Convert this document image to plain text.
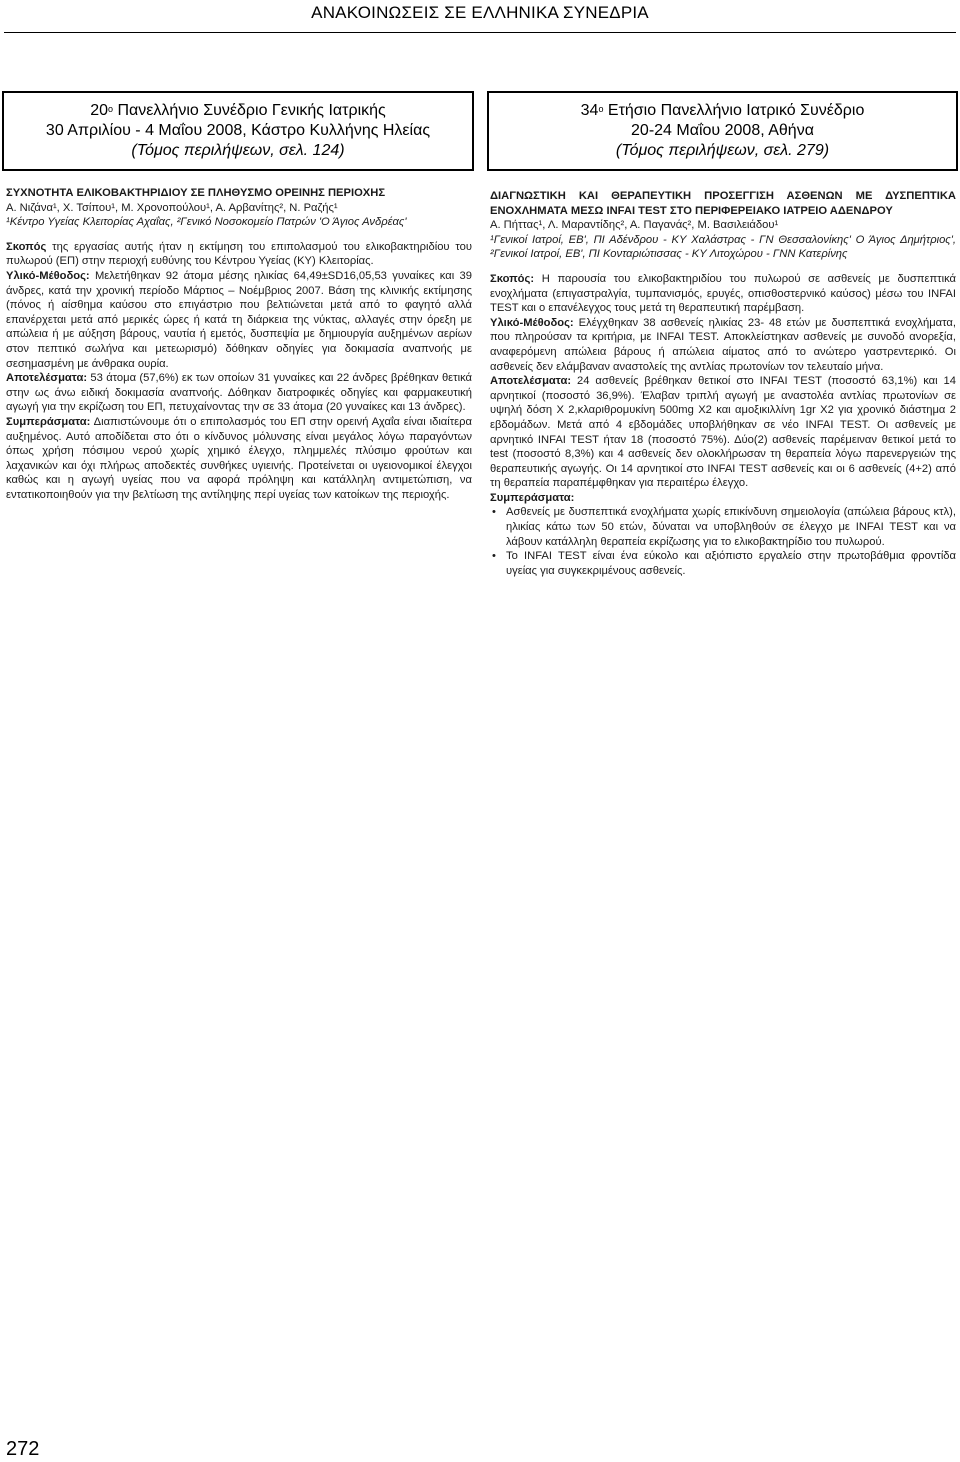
ΑΝΑΚΟΙΝΩΣΕΙΣ ΣΕ ΕΛΛΗΝΙΚΑ ΣΥΝΕΔΡΙΑ
$20^o$ Πανελλήνιο Συνέδριο Γενικής Ιατρικής
30 Απριλίου - 4 Μαΐου 2008, Κάστρο Κυλλήνης Ηλείας
(Τόμος περιλήψεων, σελ. 124)
$34^o$ Ετήσιο Πανελλήνιο Ιατρικό Συνέδριο
20-24 Μαΐου 2008, Αθήνα
(Τόμος περιλήψεων, σελ. 279)

ΣΥΧΝΟΤΗΤΑ ΕΛΙΚΟΒΑΚΤΗΡΙΔΙΟΥ ΣΕ ΠΛΗΘΥΣΜΟ ΟΡΕΙΝΗΣ ΠΕΡΙΟΧΗΣ

Α. Νιζάνα¹, Χ. Τσίπου¹, Μ. Χρονοπούλου¹, Α. Αρβανίτης², Ν. Ραζής¹

¹Κέντρο Υγείας Κλειτορίας Αχαΐας, ²Γενικό Νοσοκομείο Πατρών 'Ο Άγιος Ανδρέας'

Σκοπός της εργασίας αυτής ήταν η εκτίμηση του επιπολασμού του ελικοβακτηριδίου του πυλωρού (ΕΠ) στην περιοχή ευθύνης του Κέντρου Υγείας (ΚΥ) Κλειτορίας.

Υλικό-Μέθοδος: Μελετήθηκαν 92 άτομα μέσης ηλικίας 64,49±SD16,05,53 γυναίκες και 39 άνδρες, κατά την χρονική περίοδο Μάρτιος – Νοέμβριος 2007. Βάση της κλινικής εκτίμησης (πόνος ή αίσθημα καύσου στο επιγάστριο που βελτιώνεται μετά από το φαγητό αλλά επανέρχεται μετά από μερικές ώρες ή κατά τη διάρκεια της νύκτας, αλλαγές στην όρεξη με απώλεια ή με αύξηση βάρους, ναυτία ή εμετός, δυσπεψία με δημιουργία αυξημένων αερίων στον πεπτικό σωλήνα και μετεωρισμό) δόθηκαν οδηγίες για δοκιμασία αναπνοής με σεσημασμένη με άνθρακα ουρία.

Αποτελέσματα: 53 άτομα (57,6%) εκ των οποίων 31 γυναίκες και 22 άνδρες βρέθηκαν θετικά στην ως άνω ειδική δοκιμασία αναπνοής. Δόθηκαν διατροφικές οδηγίες και φαρμακευτική αγωγή για την εκρίζωση του ΕΠ, πετυχαίνοντας την σε 33 άτομα (20 γυναίκες και 13 άνδρες).

Συμπεράσματα: Διαπιστώνουμε ότι ο επιπολασμός του ΕΠ στην ορεινή Αχαΐα είναι ιδιαίτερα αυξημένος. Αυτό αποδίδεται στο ότι ο κίνδυνος μόλυνσης είναι μεγάλος λόγω παραγόντων όπως χρήση πόσιμου νερού χωρίς χημικό έλεγχο, πλημμελές πλύσιμο φρούτων και λαχανικών και όχι πλήρως αποδεκτές συνθήκες υγιεινής. Προτείνεται οι υγειονομικοί έλεγχοι καθώς και η αγωγή υγείας που να αφορά πρόληψη και κατάλληλη αντιμετώπιση, να εντατικοποιηθούν για την βελτίωση της αντίληψης περί υγείας των κατοίκων της περιοχής.

ΔΙΑΓΝΩΣΤΙΚΗ ΚΑΙ ΘΕΡΑΠΕΥΤΙΚΗ ΠΡΟΣΕΓΓΙΣΗ ΑΣΘΕΝΩΝ ΜΕ ΔΥΣΠΕΠΤΙΚΑ ΕΝΟΧΛΗΜΑΤΑ ΜΕΣΩ INFAI TEST ΣΤΟ ΠΕΡΙΦΕΡΕΙΑΚΟ ΙΑΤΡΕΙΟ ΑΔΕΝΔΡΟΥ

Α. Πήττας¹, Λ. Μαραντίδης², Α. Παγανάς², Μ. Βασιλειάδου¹

¹Γενικοί Ιατροί, ΕΒ', ΠΙ Αδένδρου - ΚΥ Χαλάστρας - ΓΝ Θεσσαλονίκης' Ο Άγιος Δημήτριος', ²Γενικοί Ιατροί, ΕΒ', ΠΙ Κονταριώτισσας - ΚΥ Λιτοχώρου - ΓΝΝ Κατερίνης

Σκοπός: Η παρουσία του ελικοβακτηριδίου του πυλωρού σε ασθενείς με δυσπεπτικά ενοχλήματα (επιγαστραλγία, τυμπανισμός, ερυγές, οπισθοστερνικό καύσος) μέσω του INFAI TEST και ο επανέλεγχος τους μετά τη θεραπευτική παρέμβαση.

Υλικό-Μέθοδος: Ελέγχθηκαν 38 ασθενείς ηλικίας 23- 48 ετών με δυσπεπτικά ενοχλήματα, που πληρούσαν τα κριτήρια, με INFAI TEST. Αποκλείστηκαν ασθενείς με συνοδό ανορεξία, αναφερόμενη απώλεια βάρους ή απώλεια αίματος από το ανώτερο γαστρεντερικό. Οι ασθενείς δεν ελάμβαναν αναστολείς της αντλίας πρωτονίων τον τελευταίο μήνα.

Αποτελέσματα: 24 ασθενείς βρέθηκαν θετικοί στο INFAI TEST (ποσοστό 63,1%) και 14 αρνητικοί (ποσοστό 36,9%). Έλαβαν τριπλή αγωγή με αναστολέα αντλίας πρωτονίων σε υψηλή δόση Χ 2,κλαριθρομυκίνη 500mg X2 και αμοξικιλλίνη 1gr X2 για χρονικό διάστημα 2 εβδομάδων. Μετά από 4 εβδομάδες υποβλήθηκαν σε νέο INFAI TEST. Οι ασθενείς με αρνητικό INFAI TEST ήταν 18 (ποσοστό 75%). Δύο(2) ασθενείς παρέμειναν θετικοί μετά το test (ποσοστό 8,3%) και 4 ασθενείς δεν ολοκλήρωσαν τη θεραπεία λόγω παρενεργειών της θεραπευτικής αγωγής. Οι 14 αρνητικοί στο INFAI TEST ασθενείς και οι 6 ασθενείς (4+2) από τη θεραπεία παραπέμφθηκαν για περαιτέρω έλεγχο.

Συμπεράσματα:

• Ασθενείς με δυσπεπτικά ενοχλήματα χωρίς επικίνδυνη σημειολογία (απώλεια βάρους κτλ), ηλικίας κάτω των 50 ετών, δύναται να υποβληθούν σε έλεγχο με INFAI TEST και να λάβουν κατάλληλη θεραπεία εκρίζωσης για το ελικοβακτηρίδιο του πυλωρού.
• Το INFAI TEST είναι ένα εύκολο και αξιόπιστο εργαλείο στην πρωτοβάθμια φροντίδα υγείας για συγκεκριμένους ασθενείς.
272
